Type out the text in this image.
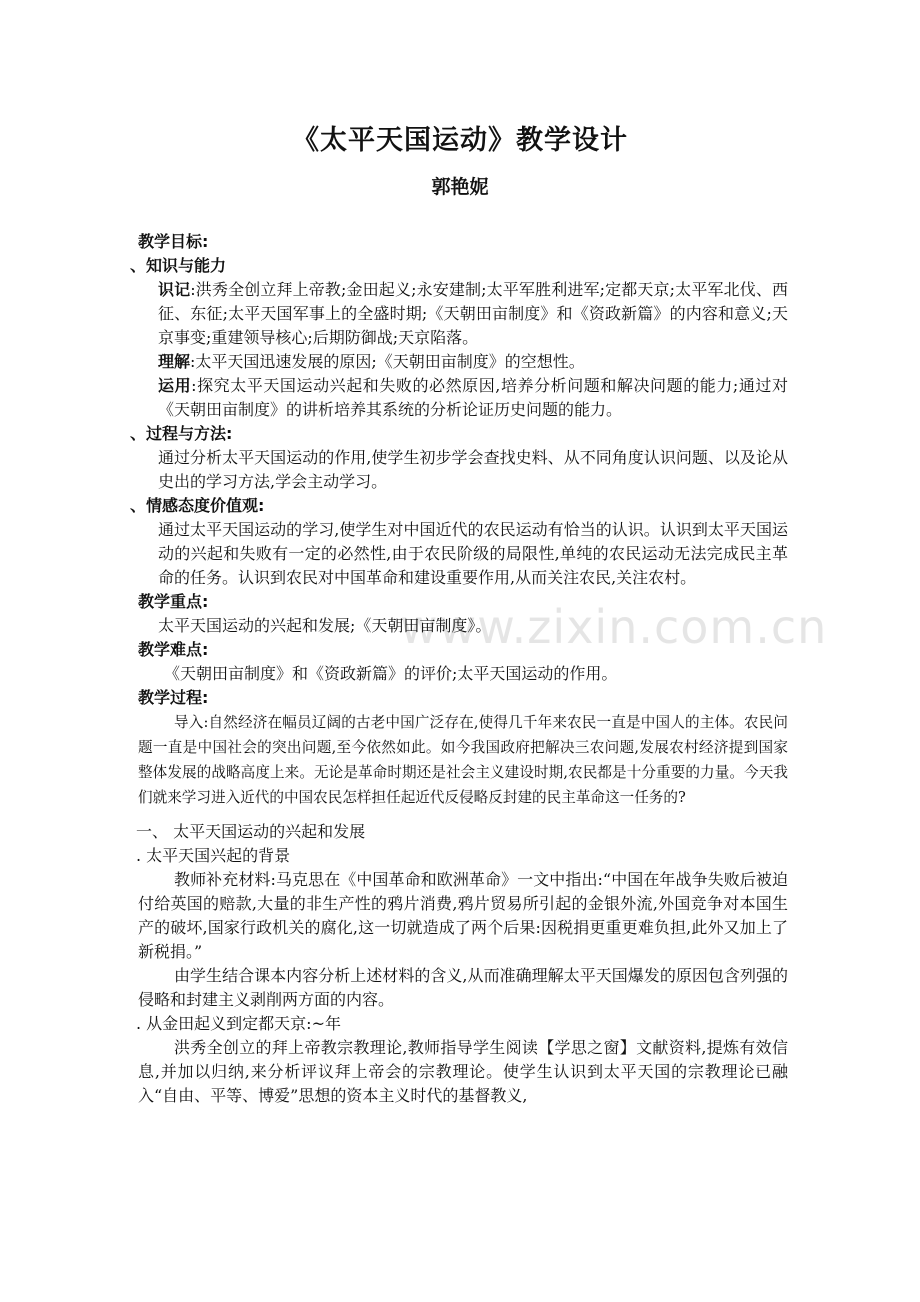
www.zixin.com.cn
《太平天国运动》教学设计
郭艳妮
教学目标:
、知识与能力
识记:洪秀全创立拜上帝教;金田起义;永安建制;太平军胜利进军;定都天京;太平军北伐、西征、东征;太平天国军事上的全盛时期;《天朝田亩制度》和《资政新篇》的内容和意义;天京事变;重建领导核心;后期防御战;天京陷落。
理解:太平天国迅速发展的原因;《天朝田亩制度》的空想性。
运用:探究太平天国运动兴起和失败的必然原因,培养分析问题和解决问题的能力;通过对《天朝田亩制度》的讲析培养其系统的分析论证历史问题的能力。
、过程与方法:
通过分析太平天国运动的作用,使学生初步学会查找史料、从不同角度认识问题、以及论从史出的学习方法,学会主动学习。
、情感态度价值观:
通过太平天国运动的学习,使学生对中国近代的农民运动有恰当的认识。认识到太平天国运动的兴起和失败有一定的必然性,由于农民阶级的局限性,单纯的农民运动无法完成民主革命的任务。认识到农民对中国革命和建设重要作用,从而关注农民,关注农村。
教学重点:
太平天国运动的兴起和发展;《天朝田亩制度》。
教学难点:
《天朝田亩制度》和《资政新篇》的评价;太平天国运动的作用。
教学过程:
导入:自然经济在幅员辽阔的古老中国广泛存在,使得几千年来农民一直是中国人的主体。农民问题一直是中国社会的突出问题,至今依然如此。如今我国政府把解决三农问题,发展农村经济提到国家整体发展的战略高度上来。无论是革命时期还是社会主义建设时期,农民都是十分重要的力量。今天我们就来学习进入近代的中国农民怎样担任起近代反侵略反封建的民主革命这一任务的?
一、 太平天国运动的兴起和发展
. 太平天国兴起的背景
教师补充材料:马克思在《中国革命和欧洲革命》一文中指出:“中国在年战争失败后被迫付给英国的赔款,大量的非生产性的鸦片消费,鸦片贸易所引起的金银外流,外国竞争对本国生产的破坏,国家行政机关的腐化,这一切就造成了两个后果:因税捐更重更难负担,此外又加上了新税捐。”
由学生结合课本内容分析上述材料的含义,从而准确理解太平天国爆发的原因包含列强的侵略和封建主义剥削两方面的内容。
. 从金田起义到定都天京:~年
洪秀全创立的拜上帝教宗教理论,教师指导学生阅读【学思之窗】文献资料,提炼有效信息,并加以归纳,来分析评议拜上帝会的宗教理论。使学生认识到太平天国的宗教理论已融入“自由、平等、博爱”思想的资本主义时代的基督教义,
